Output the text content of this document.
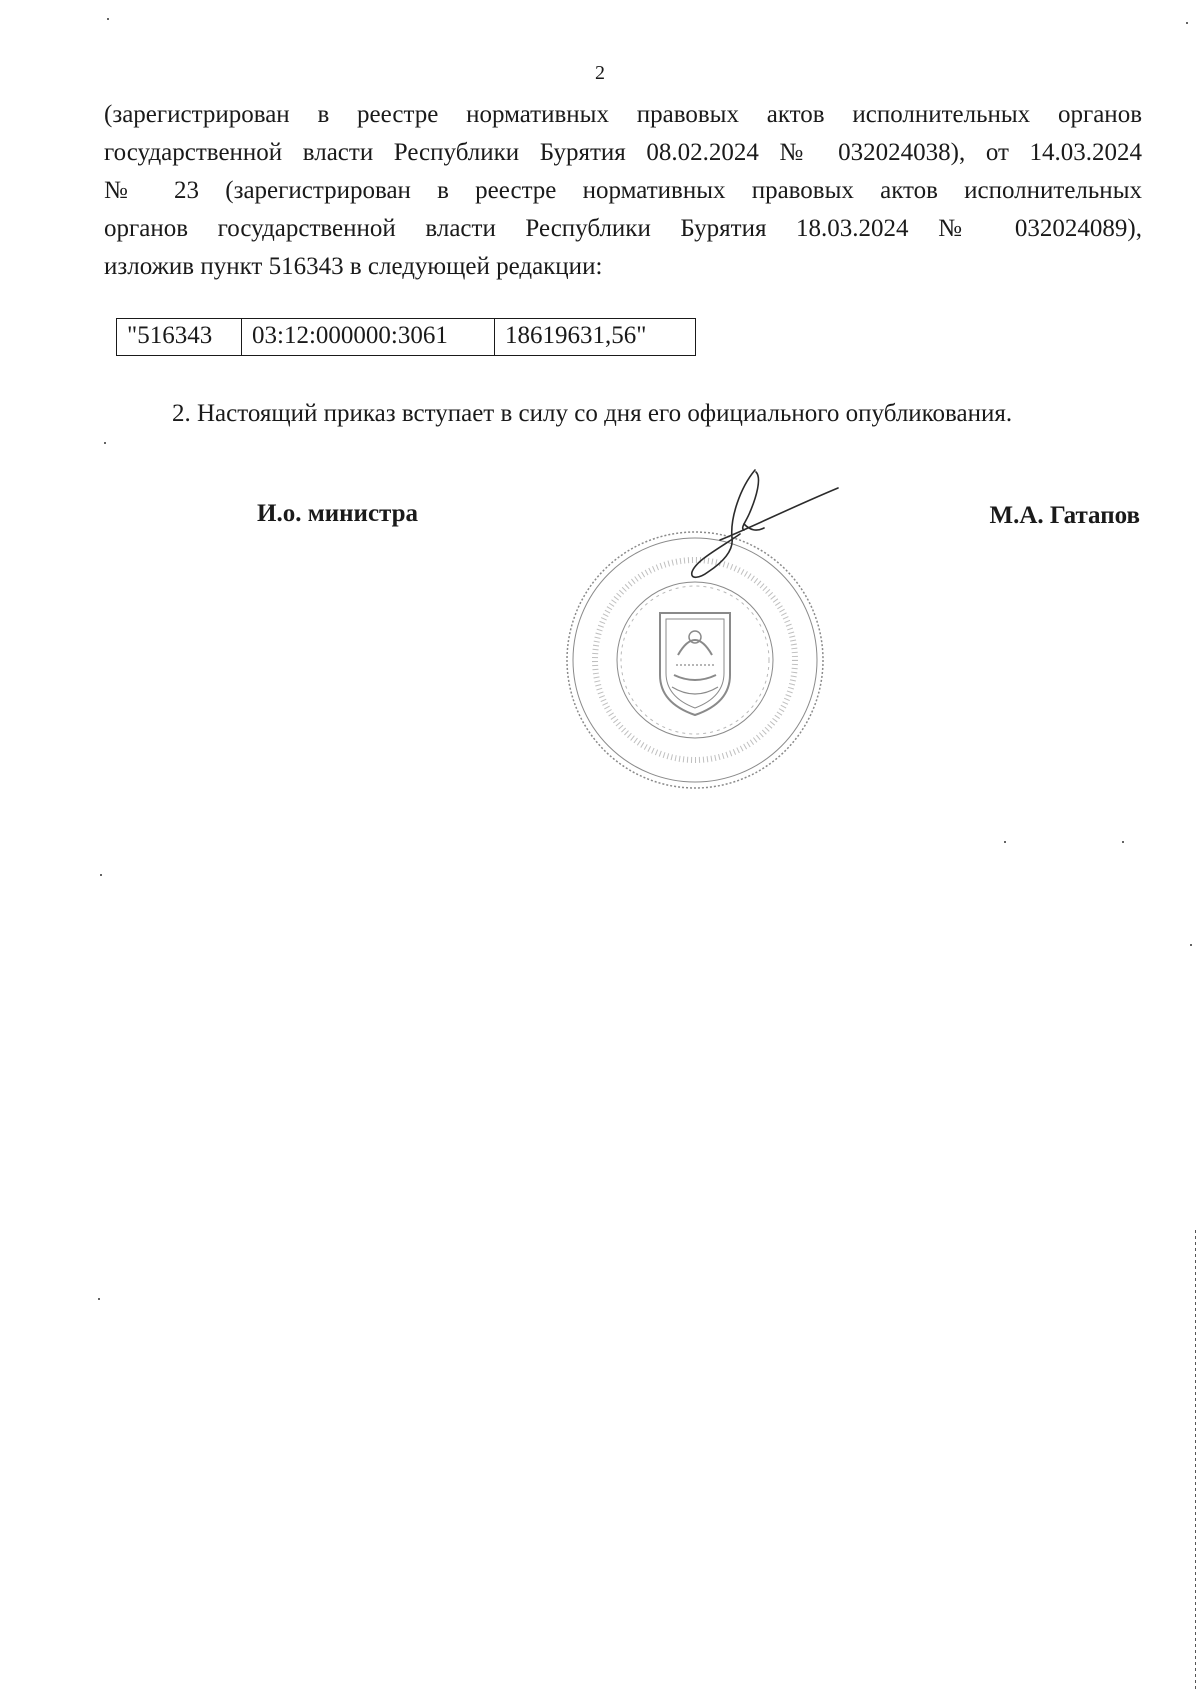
2
(зарегистрирован в реестре нормативных правовых актов исполнительных органов
государственной власти Республики Бурятия 08.02.2024 № 032024038), от 14.03.2024
№ 23 (зарегистрирован в реестре нормативных правовых актов исполнительных
органов государственной власти Республики Бурятия 18.03.2024 № 032024089),
изложив пункт 516343 в следующей редакции:
"516343	03:12:000000:3061	18619631,56"
2. Настоящий приказ вступает в силу со дня его официального опубликования.
И.о. министра	М.А. Гатапов
